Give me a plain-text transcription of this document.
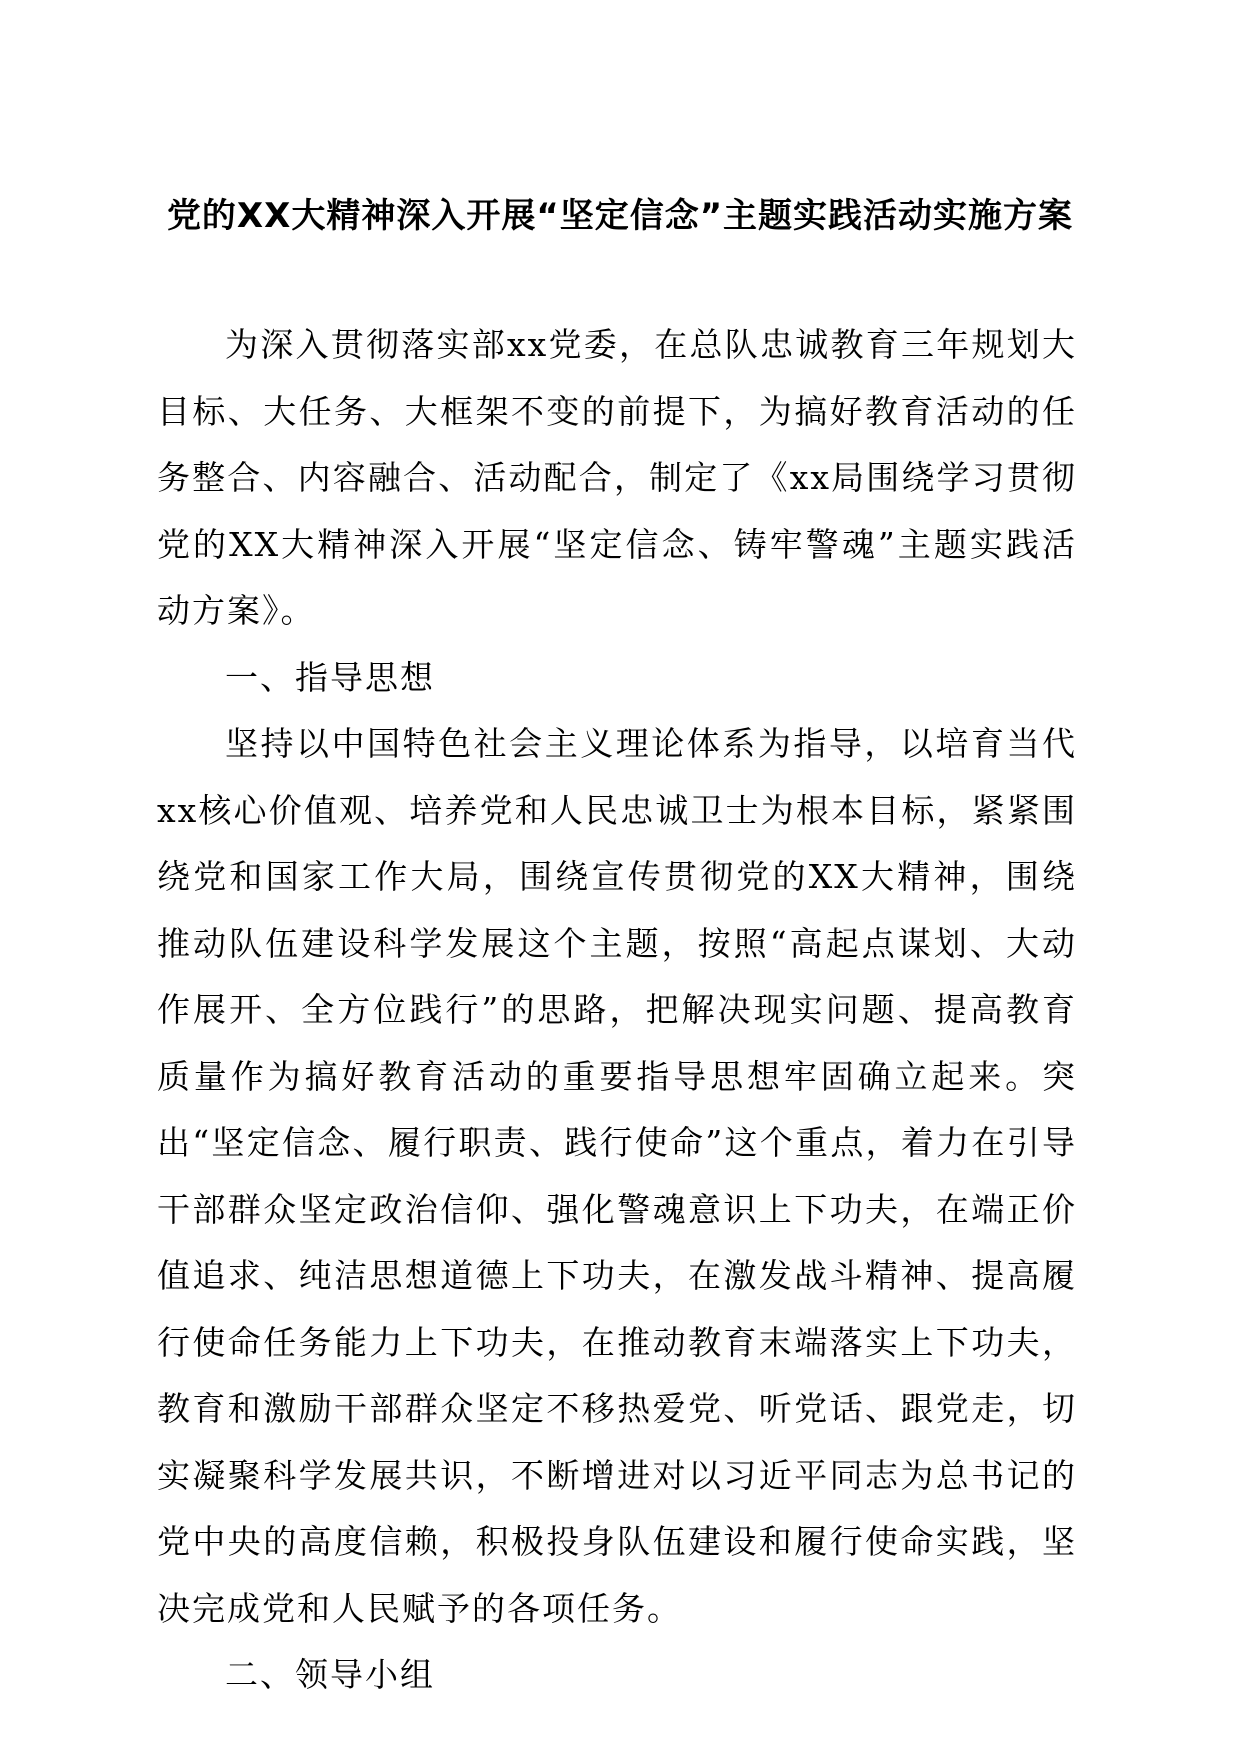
党的XX大精神深入开展“坚定信念”主题实践活动实施方案

为深入贯彻落实部xx党委，在总队忠诚教育三年规划大目标、大任务、大框架不变的前提下，为搞好教育活动的任务整合、内容融合、活动配合，制定了《xx局围绕学习贯彻党的XX大精神深入开展“坚定信念、铸牢警魂”主题实践活动方案》。

一、指导思想

坚持以中国特色社会主义理论体系为指导，以培育当代xx核心价值观、培养党和人民忠诚卫士为根本目标，紧紧围绕党和国家工作大局，围绕宣传贯彻党的XX大精神，围绕推动队伍建设科学发展这个主题，按照“高起点谋划、大动作展开、全方位践行”的思路，把解决现实问题、提高教育质量作为搞好教育活动的重要指导思想牢固确立起来。突出“坚定信念、履行职责、践行使命”这个重点，着力在引导干部群众坚定政治信仰、强化警魂意识上下功夫，在端正价值追求、纯洁思想道德上下功夫，在激发战斗精神、提高履行使命任务能力上下功夫，在推动教育末端落实上下功夫，教育和激励干部群众坚定不移热爱党、听党话、跟党走，切实凝聚科学发展共识，不断增进对以习近平同志为总书记的党中央的高度信赖，积极投身队伍建设和履行使命实践，坚决完成党和人民赋予的各项任务。

二、领导小组
